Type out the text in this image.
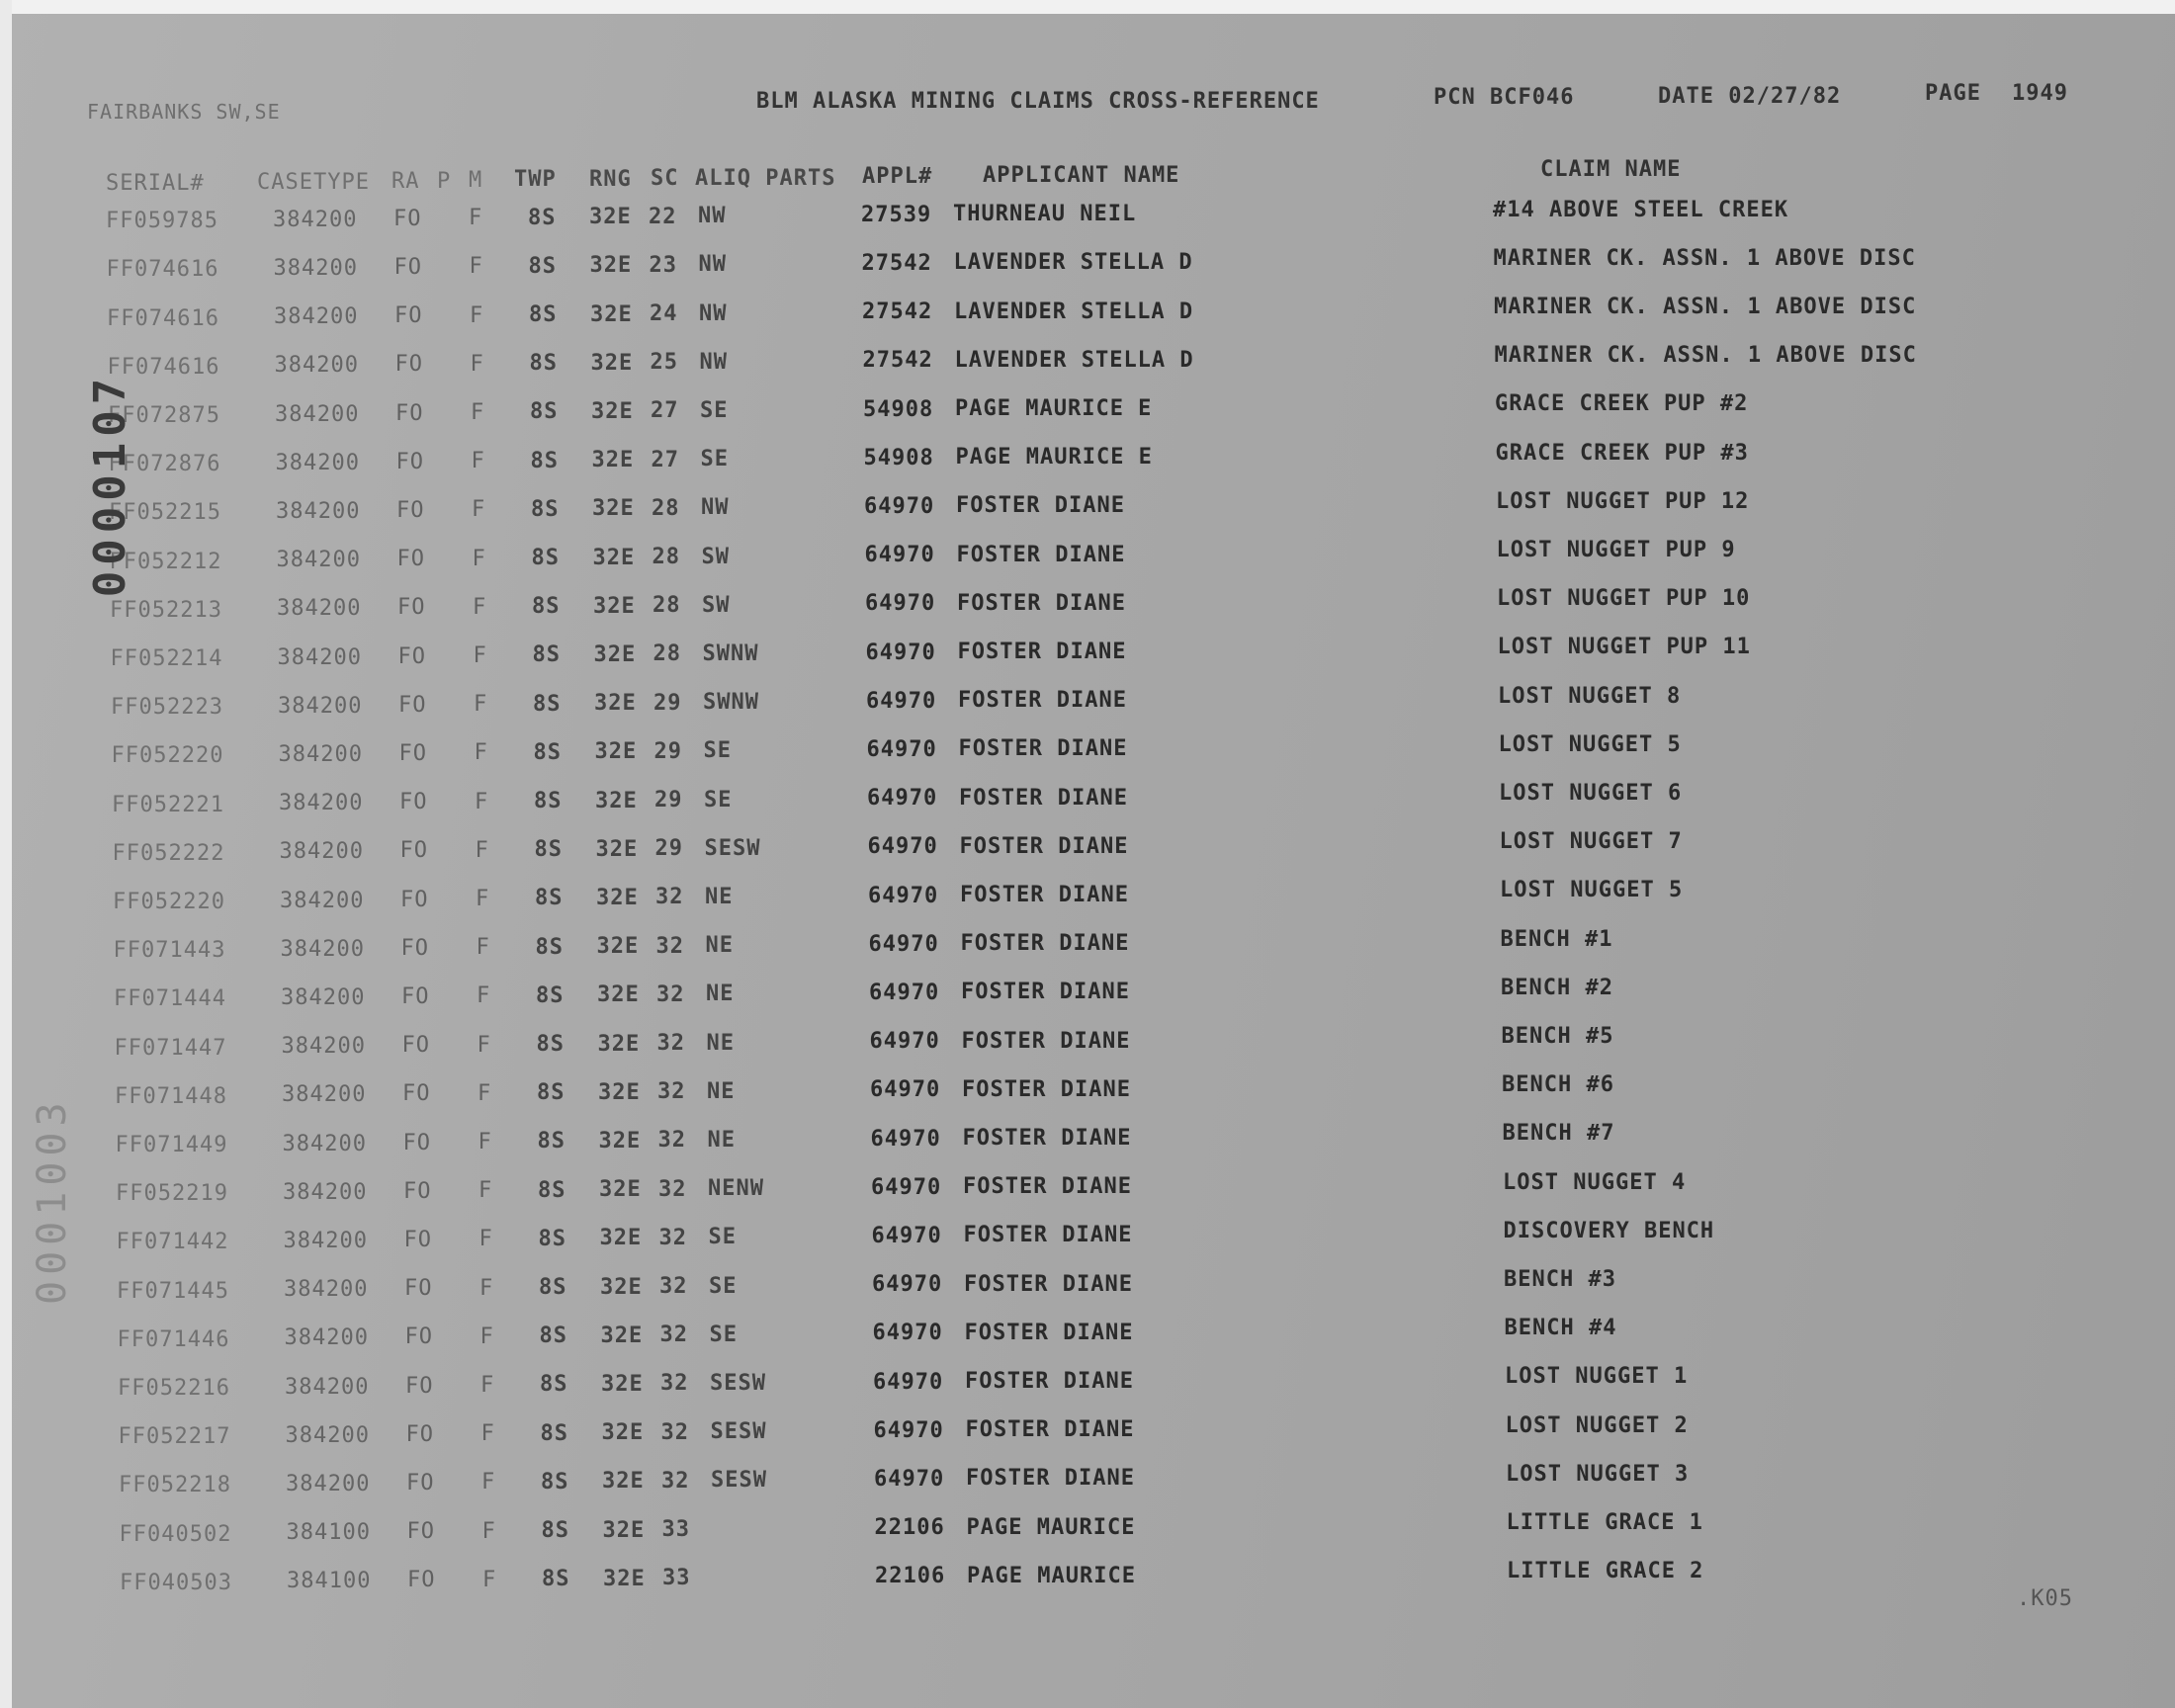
FAIRBANKS SW,SE	BLM ALASKA MINING CLAIMS CROSS-REFERENCE	PCN BCF046	DATE 02/27/82	PAGE 1949
SERIAL# CASETYPE RA P M TWP RNG SC ALIQ PARTS APPL# APPLICANT NAME	CLAIM NAME
FF059785	384200 FO F 8S 32E 22 NW	27539 THURNEAU NEIL	#14 ABOVE STEEL CREEK
FF074616	384200 FO F 8S 32E 23 NW	27542 LAVENDER STELLA D	MARINER CK. ASSN. 1 ABOVE DISC
FF074616	384200 FO F 8S 32E 24 NW	27542 LAVENDER STELLA D	MARINER CK. ASSN. 1 ABOVE DISC
FF074616	384200 FO F 8S 32E 25 NW	27542 LAVENDER STELLA D	MARINER CK. ASSN. 1 ABOVE DISC
FF072875	384200 FO F 8S 32E 27 SE	54908 PAGE MAURICE E	GRACE CREEK PUP #2
FF072876	384200 FO F 8S 32E 27 SE	54908 PAGE MAURICE E	GRACE CREEK PUP #3
FF052215	384200 FO F 8S 32E 28 NW	64970 FOSTER DIANE	LOST NUGGET PUP 12
FF052212	384200 FO F 8S 32E 28 SW	64970 FOSTER DIANE	LOST NUGGET PUP 9
FF052213	384200 FO F 8S 32E 28 SW	64970 FOSTER DIANE	LOST NUGGET PUP 10
FF052214	384200 FO F 8S 32E 28 SWNW	64970 FOSTER DIANE	LOST NUGGET PUP 11
FF052223	384200 FO F 8S 32E 29 SWNW	64970 FOSTER DIANE	LOST NUGGET 8
FF052220	384200 FO F 8S 32E 29 SE	64970 FOSTER DIANE	LOST NUGGET 5
FF052221	384200 FO F 8S 32E 29 SE	64970 FOSTER DIANE	LOST NUGGET 6
FF052222	384200 FO F 8S 32E 29 SESW	64970 FOSTER DIANE	LOST NUGGET 7
FF052220	384200 FO F 8S 32E 32 NE	64970 FOSTER DIANE	LOST NUGGET 5
FF071443	384200 FO F 8S 32E 32 NE	64970 FOSTER DIANE	BENCH #1
FF071444	384200 FO F 8S 32E 32 NE	64970 FOSTER DIANE	BENCH #2
FF071447	384200 FO F 8S 32E 32 NE	64970 FOSTER DIANE	BENCH #5
FF071448	384200 FO F 8S 32E 32 NE	64970 FOSTER DIANE	BENCH #6
FF071449	384200 FO F 8S 32E 32 NE	64970 FOSTER DIANE	BENCH #7
FF052219	384200 FO F 8S 32E 32 NENW	64970 FOSTER DIANE	LOST NUGGET 4
FF071442	384200 FO F 8S 32E 32 SE	64970 FOSTER DIANE	DISCOVERY BENCH
FF071445	384200 FO F 8S 32E 32 SE	64970 FOSTER DIANE	BENCH #3
FF071446	384200 FO F 8S 32E 32 SE	64970 FOSTER DIANE	BENCH #4
FF052216	384200 FO F 8S 32E 32 SESW	64970 FOSTER DIANE	LOST NUGGET 1
FF052217	384200 FO F 8S 32E 32 SESW	64970 FOSTER DIANE	LOST NUGGET 2
FF052218	384200 FO F 8S 32E 32 SESW	64970 FOSTER DIANE	LOST NUGGET 3
FF040502	384100 FO F 8S 32E 33	22106 PAGE MAURICE	LITTLE GRACE 1
FF040503	384100 FO F 8S 32E 33	22106 PAGE MAURICE	LITTLE GRACE 2
.K05
0000107
0001003
